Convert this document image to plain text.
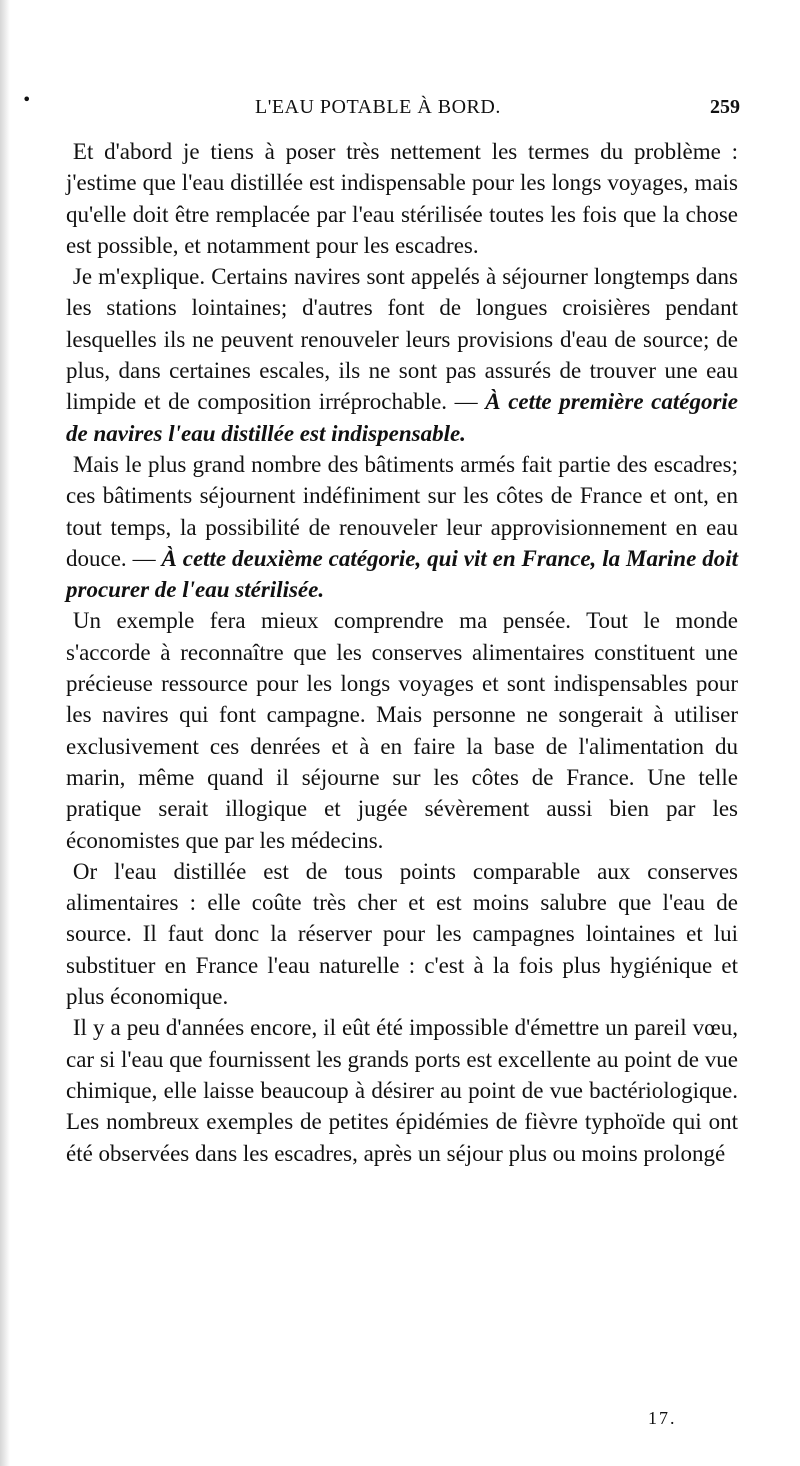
•	L'EAU POTABLE À BORD.	259

Et d'abord je tiens à poser très nettement les termes du problème : j'estime que l'eau distillée est indispensable pour les longs voyages, mais qu'elle doit être remplacée par l'eau stérilisée toutes les fois que la chose est possible, et notamment pour les escadres.

Je m'explique. Certains navires sont appelés à séjourner longtemps dans les stations lointaines; d'autres font de longues croisières pendant lesquelles ils ne peuvent renouveler leurs provisions d'eau de source; de plus, dans certaines escales, ils ne sont pas assurés de trouver une eau limpide et de composition irréprochable. — À cette première catégorie de navires l'eau distillée est indispensable.

Mais le plus grand nombre des bâtiments armés fait partie des escadres; ces bâtiments séjournent indéfiniment sur les côtes de France et ont, en tout temps, la possibilité de renouveler leur approvisionnement en eau douce. — À cette deuxième catégorie, qui vit en France, la Marine doit procurer de l'eau stérilisée.

Un exemple fera mieux comprendre ma pensée. Tout le monde s'accorde à reconnaître que les conserves alimentaires constituent une précieuse ressource pour les longs voyages et sont indispensables pour les navires qui font campagne. Mais personne ne songerait à utiliser exclusivement ces denrées et à en faire la base de l'alimentation du marin, même quand il séjourne sur les côtes de France. Une telle pratique serait illogique et jugée sévèrement aussi bien par les économistes que par les médecins.

Or l'eau distillée est de tous points comparable aux conserves alimentaires : elle coûte très cher et est moins salubre que l'eau de source. Il faut donc la réserver pour les campagnes lointaines et lui substituer en France l'eau naturelle : c'est à la fois plus hygiénique et plus économique.

Il y a peu d'années encore, il eût été impossible d'émettre un pareil vœu, car si l'eau que fournissent les grands ports est excellente au point de vue chimique, elle laisse beaucoup à désirer au point de vue bactériologique. Les nombreux exemples de petites épidémies de fièvre typhoïde qui ont été observées dans les escadres, après un séjour plus ou moins prolongé

17.
